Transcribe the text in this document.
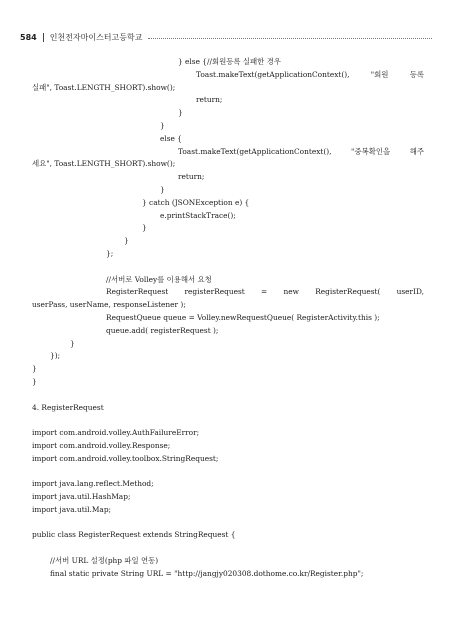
584 인천전자마이스터고등학교
} else {//회원등록 실패한 경우
Toast.makeText(getApplicationContext(), "회원 등록
실패", Toast.LENGTH_SHORT).show();
return;
}
}
else {
Toast.makeText(getApplicationContext(), "중복확인을 해주
세요", Toast.LENGTH_SHORT).show();
return;
}
} catch (JSONException e) {
e.printStackTrace();
}
}
};
//서버로 Volley를 이용해서 요청
RegisterRequest registerRequest = new RegisterRequest( userID,
userPass, userName, responseListener );
RequestQueue queue = Volley.newRequestQueue( RegisterActivity.this );
queue.add( registerRequest );
}
});
}
}
4. RegisterRequest
import com.android.volley.AuthFailureError;
import com.android.volley.Response;
import com.android.volley.toolbox.StringRequest;
import java.lang.reflect.Method;
import java.util.HashMap;
import java.util.Map;
public class RegisterRequest extends StringRequest {
//서버 URL 설정(php 파일 연동)
final static private String URL = "http://jangjy020308.dothome.co.kr/Register.php";
